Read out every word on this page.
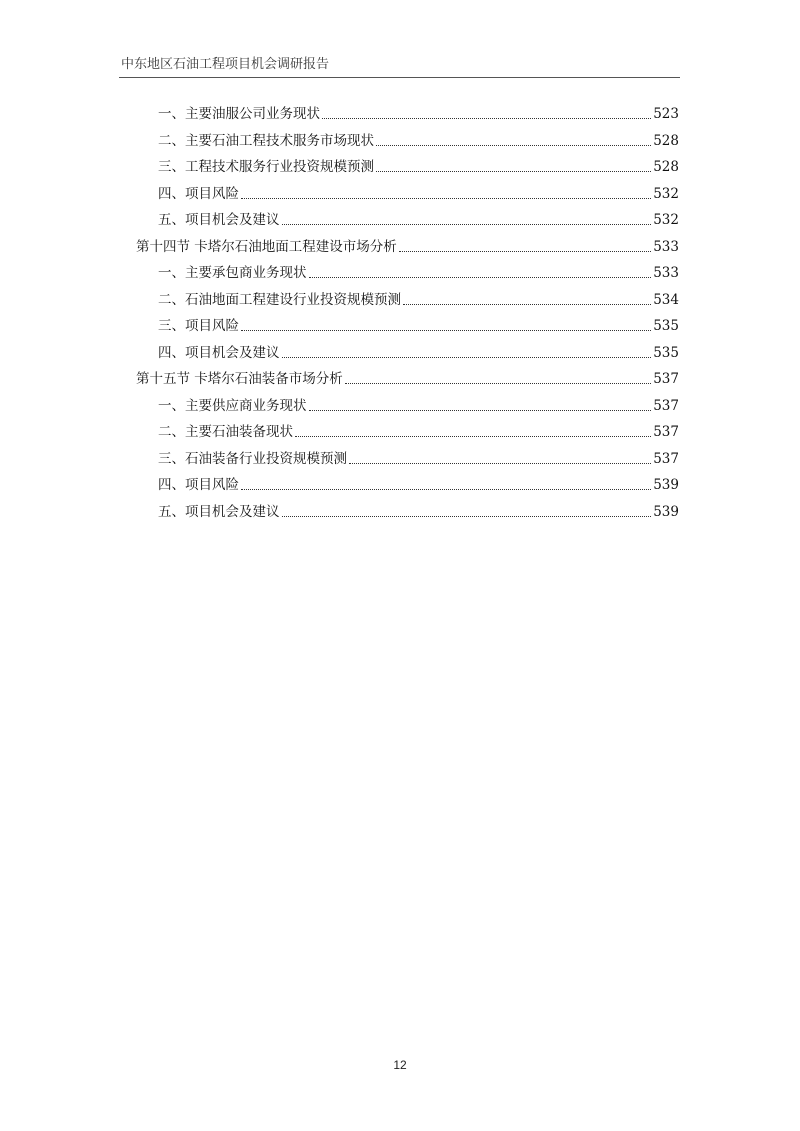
中东地区石油工程项目机会调研报告
一、主要油服公司业务现状	523
二、主要石油工程技术服务市场现状	528
三、工程技术服务行业投资规模预测	528
四、项目风险	532
五、项目机会及建议	532
第十四节 卡塔尔石油地面工程建设市场分析	533
一、主要承包商业务现状	533
二、石油地面工程建设行业投资规模预测	534
三、项目风险	535
四、项目机会及建议	535
第十五节 卡塔尔石油装备市场分析	537
一、主要供应商业务现状	537
二、主要石油装备现状	537
三、石油装备行业投资规模预测	537
四、项目风险	539
五、项目机会及建议	539
12
